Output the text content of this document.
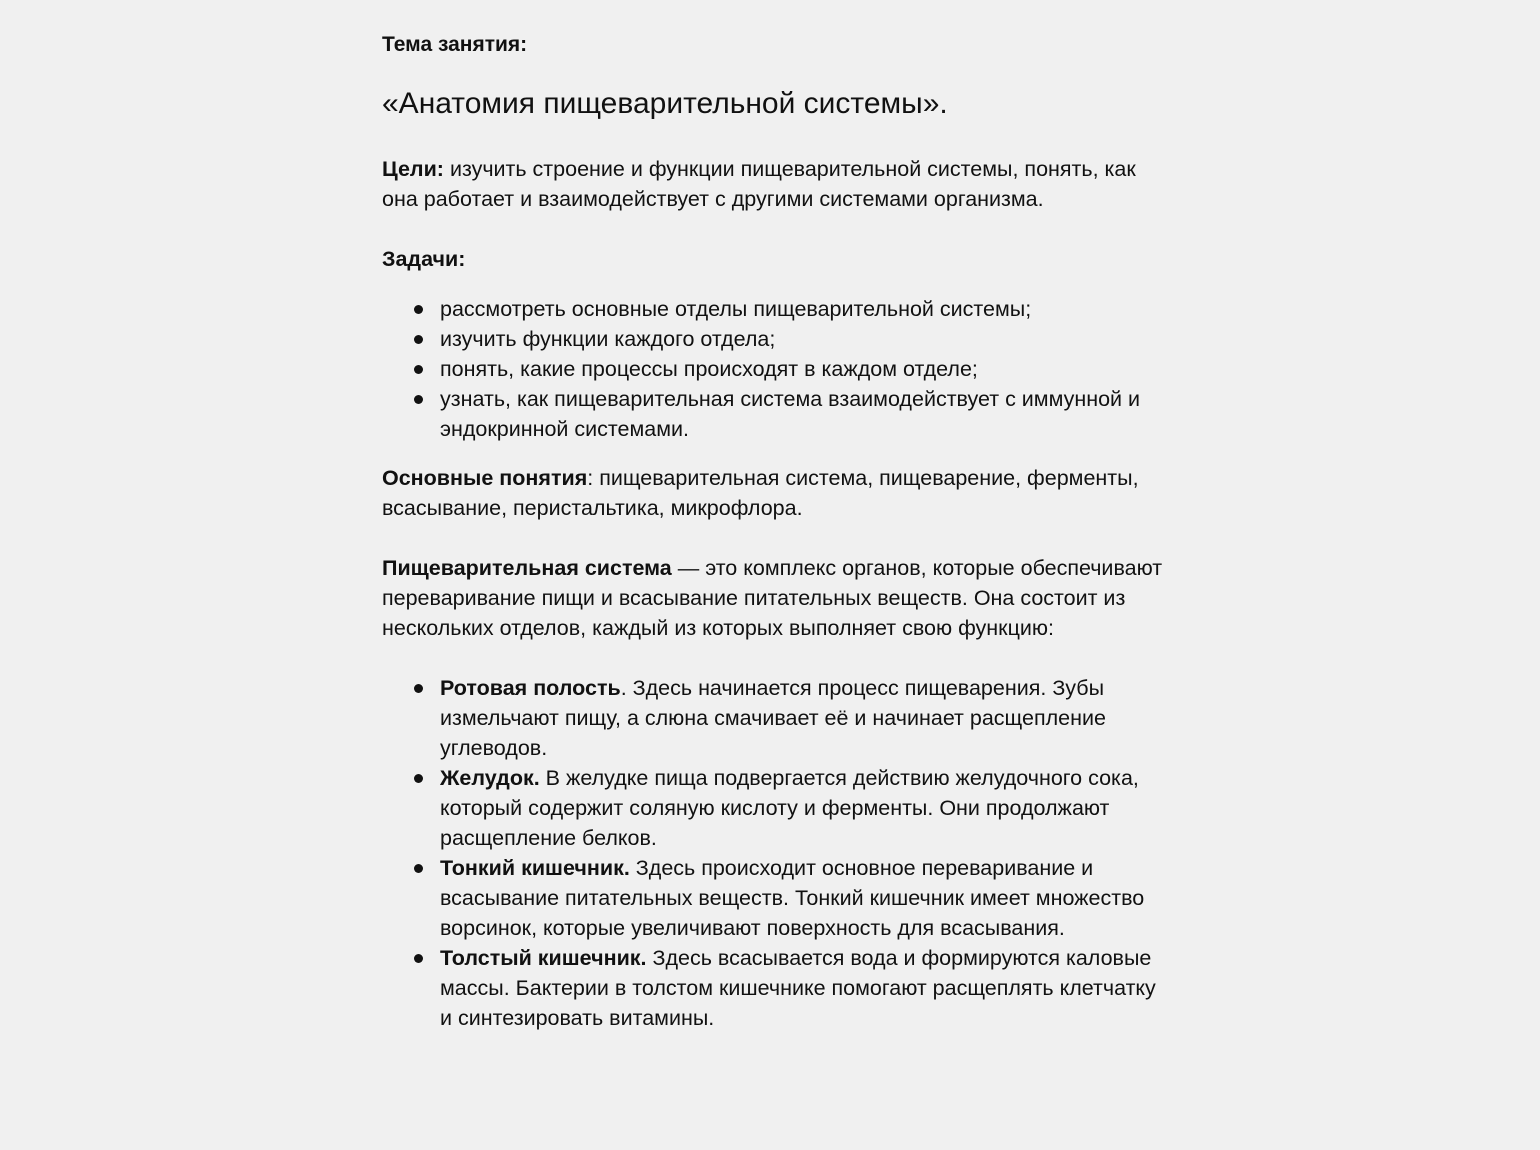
Тема занятия:

«Анатомия пищеварительной системы».

Цели: изучить строение и функции пищеварительной системы, понять, как она работает и взаимодействует с другими системами организма.

Задачи:

рассмотреть основные отделы пищеварительной системы;
изучить функции каждого отдела;
понять, какие процессы происходят в каждом отделе;
узнать, как пищеварительная система взаимодействует с иммунной и эндокринной системами.

Основные понятия: пищеварительная система, пищеварение, ферменты, всасывание, перистальтика, микрофлора.

Пищеварительная система — это комплекс органов, которые обеспечивают переваривание пищи и всасывание питательных веществ. Она состоит из нескольких отделов, каждый из которых выполняет свою функцию:

Ротовая полость. Здесь начинается процесс пищеварения. Зубы измельчают пищу, а слюна смачивает её и начинает расщепление углеводов.
Желудок. В желудке пища подвергается действию желудочного сока, который содержит соляную кислоту и ферменты. Они продолжают расщепление белков.
Тонкий кишечник. Здесь происходит основное переваривание и всасывание питательных веществ. Тонкий кишечник имеет множество ворсинок, которые увеличивают поверхность для всасывания.
Толстый кишечник. Здесь всасывается вода и формируются каловые массы. Бактерии в толстом кишечнике помогают расщеплять клетчатку и синтезировать витамины.
